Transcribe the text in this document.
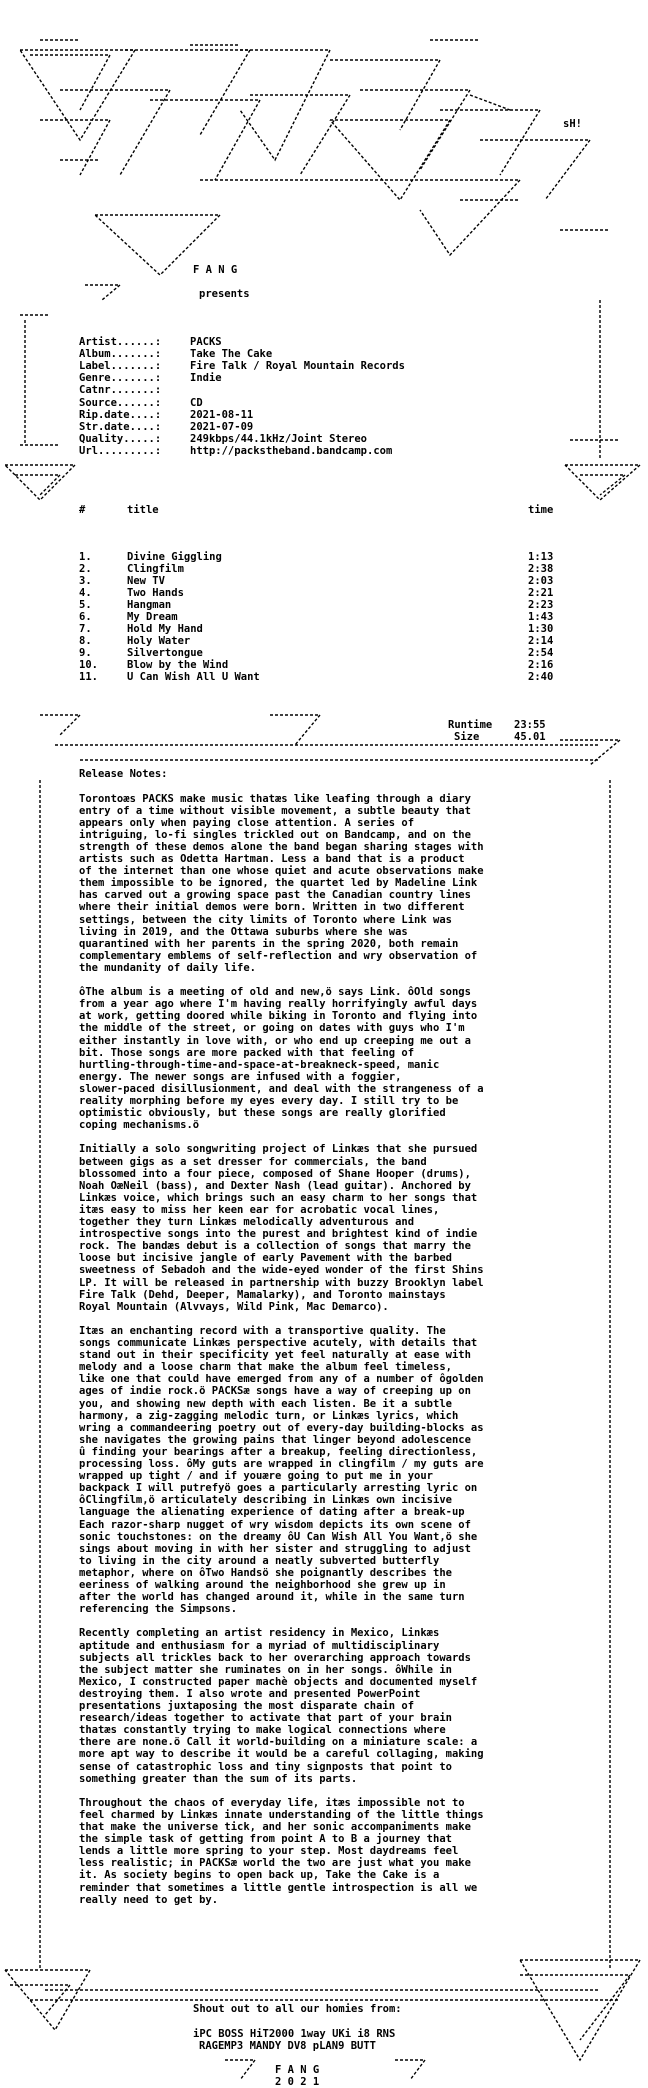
sH!
F A N G
presents
Artist......:	PACKS
Album.......:	Take The Cake
Label.......:	Fire Talk / Royal Mountain Records
Genre.......:	Indie
Catnr.......:
Source......:	CD
Rip.date....:	2021-08-11
Str.date....:	2021-07-09
Quality.....:	249kbps/44.1kHz/Joint Stereo
Url.........:	http://packstheband.bandcamp.com
#	title	time
1.	Divine Giggling	1:13
2.	Clingfilm	2:38
3.	New TV	2:03
4.	Two Hands	2:21
5.	Hangman	2:23
6.	My Dream	1:43
7.	Hold My Hand	1:30
8.	Holy Water	2:14
9.	Silvertongue	2:54
10.	Blow by the Wind	2:16
11.	U Can Wish All U Want	2:40
Runtime 23:55
Size	45.01
Release Notes:
Torontoæs PACKS make music thatæs like leafing through a diary
entry of a time without visible movement, a subtle beauty that
appears only when paying close attention. A series of
intriguing, lo-fi singles trickled out on Bandcamp, and on the
strength of these demos alone the band began sharing stages with
artists such as Odetta Hartman. Less a band that is a product
of the internet than one whose quiet and acute observations make
them impossible to be ignored, the quartet led by Madeline Link
has carved out a growing space past the Canadian country lines
where their initial demos were born. Written in two different
settings, between the city limits of Toronto where Link was
living in 2019, and the Ottawa suburbs where she was
quarantined with her parents in the spring 2020, both remain
complementary emblems of self-reflection and wry observation of
the mundanity of daily life.
ôThe album is a meeting of old and new,ö says Link. ôOld songs
from a year ago where I'm having really horrifyingly awful days
at work, getting doored while biking in Toronto and flying into
the middle of the street, or going on dates with guys who I'm
either instantly in love with, or who end up creeping me out a
bit. Those songs are more packed with that feeling of
hurtling-through-time-and-space-at-breakneck-speed, manic
energy. The newer songs are infused with a foggier,
slower-paced disillusionment, and deal with the strangeness of a
reality morphing before my eyes every day. I still try to be
optimistic obviously, but these songs are really glorified
coping mechanisms.ö
Initially a solo songwriting project of Linkæs that she pursued
between gigs as a set dresser for commercials, the band
blossomed into a four piece, composed of Shane Hooper (drums),
Noah OæNeil (bass), and Dexter Nash (lead guitar). Anchored by
Linkæs voice, which brings such an easy charm to her songs that
itæs easy to miss her keen ear for acrobatic vocal lines,
together they turn Linkæs melodically adventurous and
introspective songs into the purest and brightest kind of indie
rock. The bandæs debut is a collection of songs that marry the
loose but incisive jangle of early Pavement with the barbed
sweetness of Sebadoh and the wide-eyed wonder of the first Shins
LP. It will be released in partnership with buzzy Brooklyn label
Fire Talk (Dehd, Deeper, Mamalarky), and Toronto mainstays
Royal Mountain (Alvvays, Wild Pink, Mac Demarco).
Itæs an enchanting record with a transportive quality. The
songs communicate Linkæs perspective acutely, with details that
stand out in their specificity yet feel naturally at ease with
melody and a loose charm that make the album feel timeless,
like one that could have emerged from any of a number of ôgolden
ages of indie rock.ö PACKSæ songs have a way of creeping up on
you, and showing new depth with each listen. Be it a subtle
harmony, a zig-zagging melodic turn, or Linkæs lyrics, which
wring a commandeering poetry out of every-day building-blocks as
she navigates the growing pains that linger beyond adolescence
û finding your bearings after a breakup, feeling directionless,
processing loss. ôMy guts are wrapped in clingfilm / my guts are
wrapped up tight / and if youære going to put me in your
backpack I will putrefyö goes a particularly arresting lyric on
ôClingfilm,ö articulately describing in Linkæs own incisive
language the alienating experience of dating after a break-up
Each razor-sharp nugget of wry wisdom depicts its own scene of
sonic touchstones: on the dreamy ôU Can Wish All You Want,ö she
sings about moving in with her sister and struggling to adjust
to living in the city around a neatly subverted butterfly
metaphor, where on ôTwo Handsö she poignantly describes the
eeriness of walking around the neighborhood she grew up in
after the world has changed around it, while in the same turn
referencing the Simpsons.
Recently completing an artist residency in Mexico, Linkæs
aptitude and enthusiasm for a myriad of multidisciplinary
subjects all trickles back to her overarching approach towards
the subject matter she ruminates on in her songs. ôWhile in
Mexico, I constructed paper machè objects and documented myself
destroying them. I also wrote and presented PowerPoint
presentations juxtaposing the most disparate chain of
research/ideas together to activate that part of your brain
thatæs constantly trying to make logical connections where
there are none.ö Call it world-building on a miniature scale: a
more apt way to describe it would be a careful collaging, making
sense of catastrophic loss and tiny signposts that point to
something greater than the sum of its parts.
Throughout the chaos of everyday life, itæs impossible not to
feel charmed by Linkæs innate understanding of the little things
that make the universe tick, and her sonic accompaniments make
the simple task of getting from point A to B a journey that
lends a little more spring to your step. Most daydreams feel
less realistic; in PACKSæ world the two are just what you make
it. As society begins to open back up, Take the Cake is a
reminder that sometimes a little gentle introspection is all we
really need to get by.
Shout out to all our homies from:
iPC BOSS HiT2000 1way UKi i8 RNS
RAGEMP3 MANDY DV8 pLAN9 BUTT
F A N G
2 0 2 1
